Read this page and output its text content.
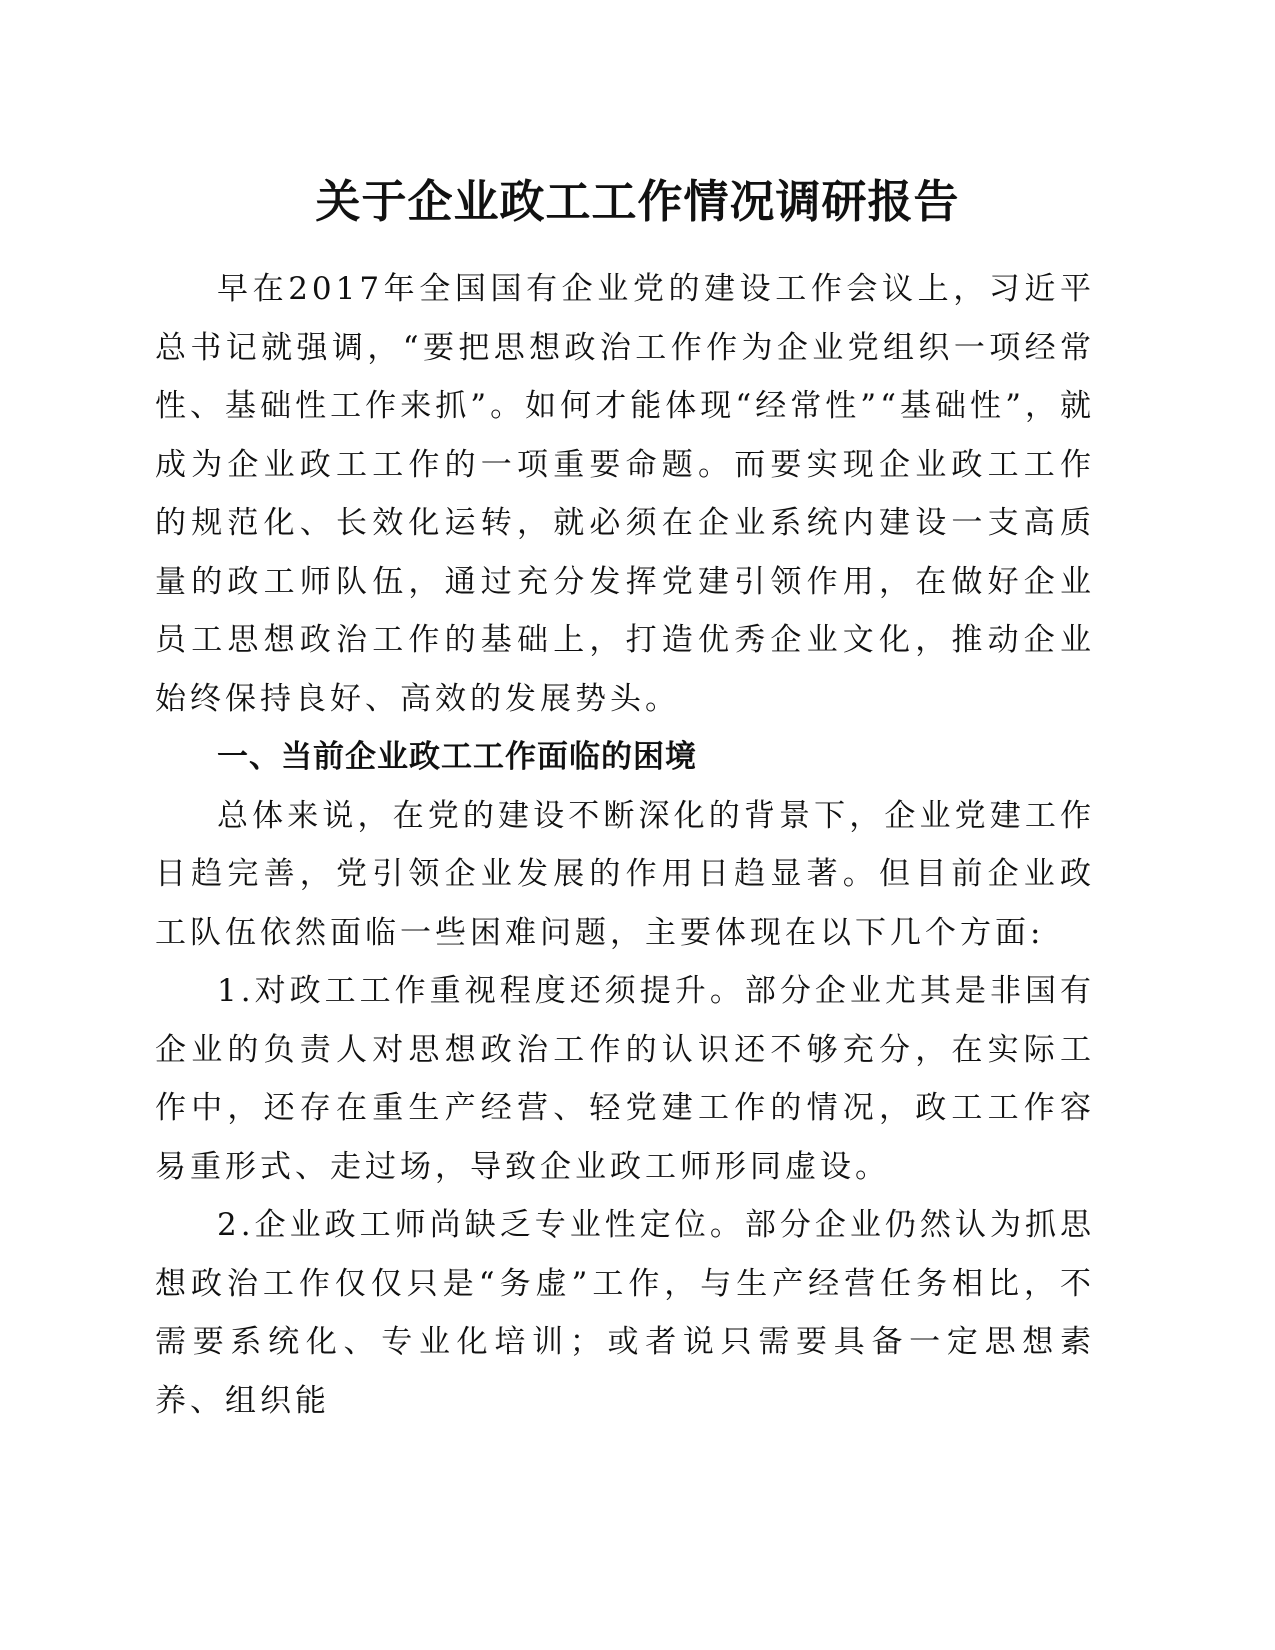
关于企业政工工作情况调研报告

早在2017年全国国有企业党的建设工作会议上，习近平总书记就强调，“要把思想政治工作作为企业党组织一项经常性、基础性工作来抓”。如何才能体现“经常性”“基础性”，就成为企业政工工作的一项重要命题。而要实现企业政工工作的规范化、长效化运转，就必须在企业系统内建设一支高质量的政工师队伍，通过充分发挥党建引领作用，在做好企业员工思想政治工作的基础上，打造优秀企业文化，推动企业始终保持良好、高效的发展势头。

一、当前企业政工工作面临的困境

总体来说，在党的建设不断深化的背景下，企业党建工作日趋完善，党引领企业发展的作用日趋显著。但目前企业政工队伍依然面临一些困难问题，主要体现在以下几个方面:

1.对政工工作重视程度还须提升。部分企业尤其是非国有企业的负责人对思想政治工作的认识还不够充分，在实际工作中，还存在重生产经营、轻党建工作的情况，政工工作容易重形式、走过场，导致企业政工师形同虚设。

2.企业政工师尚缺乏专业性定位。部分企业仍然认为抓思想政治工作仅仅只是“务虚”工作，与生产经营任务相比，不需要系统化、专业化培训；或者说只需要具备一定思想素养、组织能
